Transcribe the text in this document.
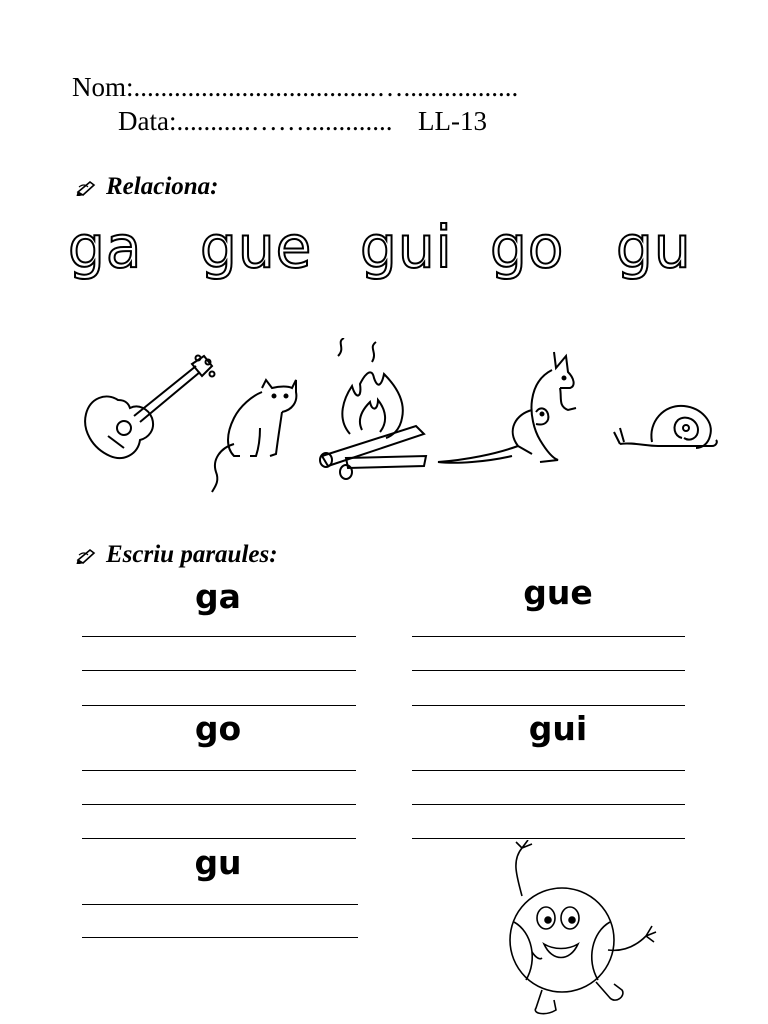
Nom:....................................….................
Data:...........……............. LL-13
Relaciona:
ga gue gui go gu
Escriu paraules:
ga	gue
go	gui
gu
